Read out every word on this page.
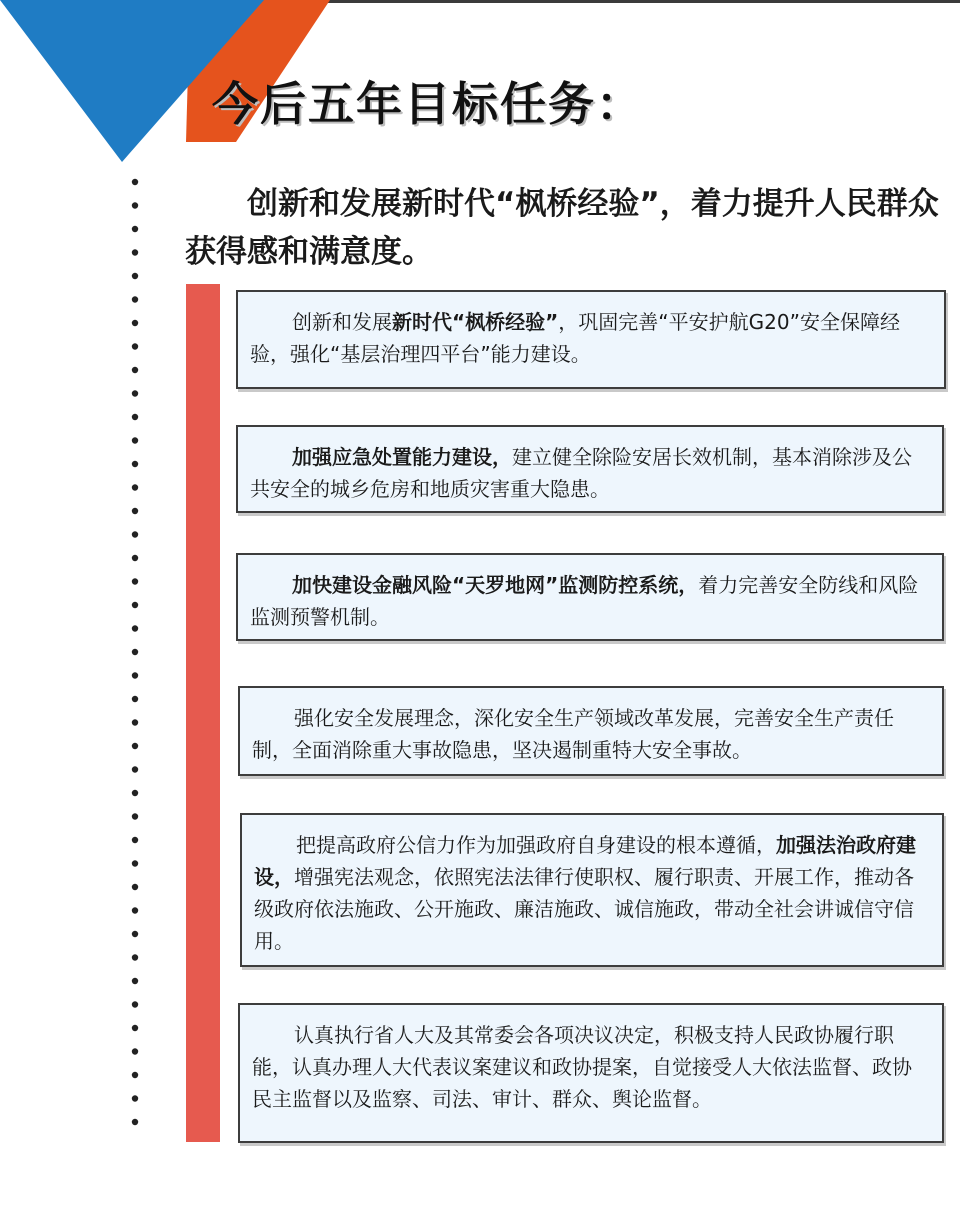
今后五年目标任务：

创新和发展新时代“枫桥经验”，着力提升人民群众获得感和满意度。

创新和发展新时代“枫桥经验”，巩固完善“平安护航G20”安全保障经验，强化“基层治理四平台”能力建设。

加强应急处置能力建设，建立健全除险安居长效机制，基本消除涉及公共安全的城乡危房和地质灾害重大隐患。

加快建设金融风险“天罗地网”监测防控系统，着力完善安全防线和风险监测预警机制。

强化安全发展理念，深化安全生产领域改革发展，完善安全生产责任制，全面消除重大事故隐患，坚决遏制重特大安全事故。

把提高政府公信力作为加强政府自身建设的根本遵循，加强法治政府建设，增强宪法观念，依照宪法法律行使职权、履行职责、开展工作，推动各级政府依法施政、公开施政、廉洁施政、诚信施政，带动全社会讲诚信守信用。

认真执行省人大及其常委会各项决议决定，积极支持人民政协履行职能，认真办理人大代表议案建议和政协提案，自觉接受人大依法监督、政协民主监督以及监察、司法、审计、群众、舆论监督。
